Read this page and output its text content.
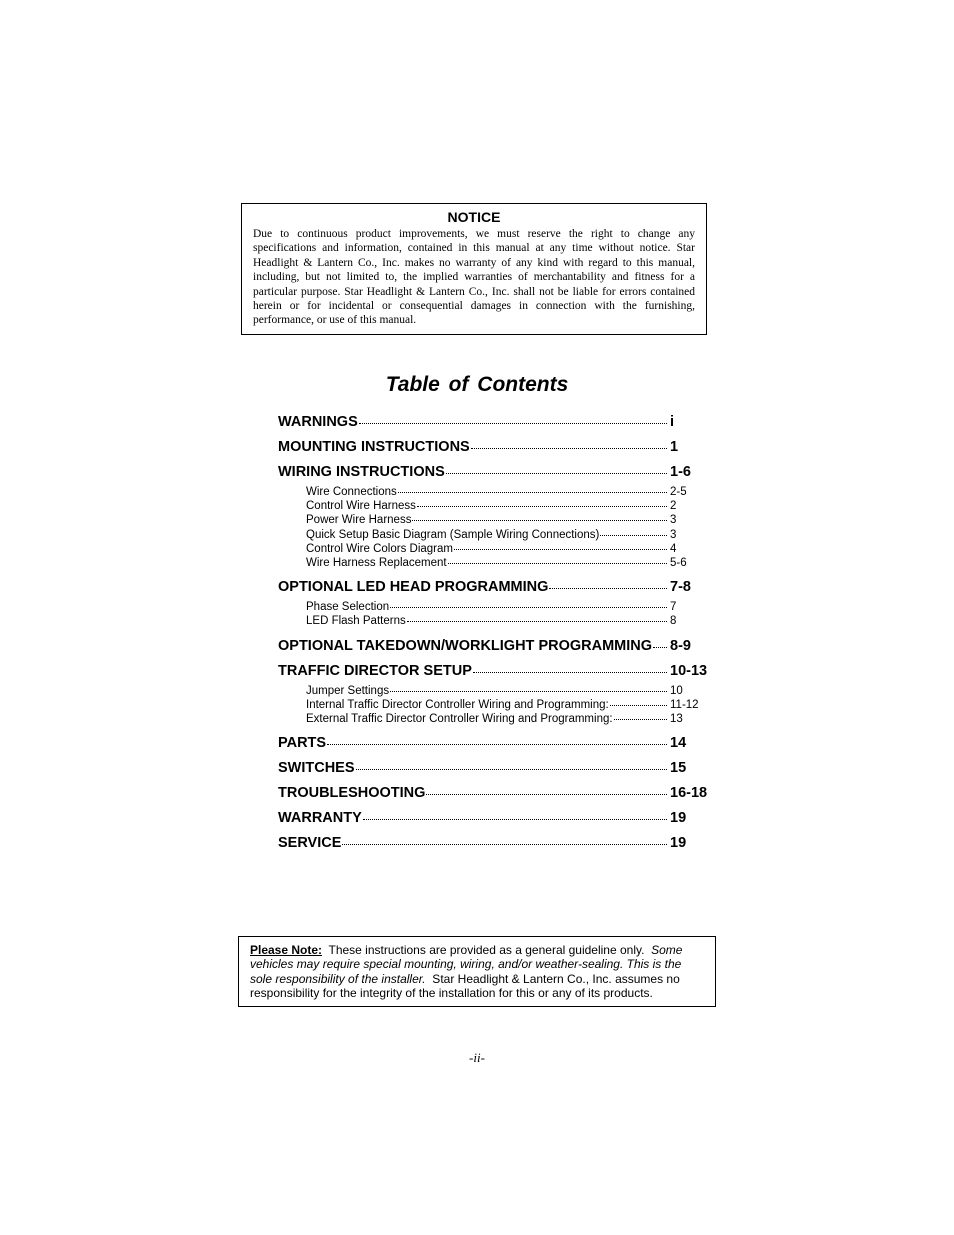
NOTICE

Due to continuous product improvements, we must reserve the right to change any specifications and information, contained in this manual at any time without notice. Star Headlight & Lantern Co., Inc. makes no warranty of any kind with regard to this manual, including, but not limited to, the implied warranties of merchantability and fitness for a particular purpose. Star Headlight & Lantern Co., Inc. shall not be liable for errors contained herein or for incidental or consequential damages in connection with the furnishing, performance, or use of this manual.

Table of Contents
WARNINGS	i
MOUNTING INSTRUCTIONS	1
WIRING INSTRUCTIONS	1-6
Wire Connections	2-5
Control Wire Harness	2
Power Wire Harness	3
Quick Setup Basic Diagram (Sample Wiring Connections)	3
Control Wire Colors Diagram	4
Wire Harness Replacement	5-6
OPTIONAL LED HEAD PROGRAMMING	7-8
Phase Selection	7
LED Flash Patterns	8
OPTIONAL TAKEDOWN/WORKLIGHT PROGRAMMING 8-9
TRAFFIC DIRECTOR SETUP	10-13
Jumper Settings	10
Internal Traffic Director Controller Wiring and Programming:	11-12
External Traffic Director Controller Wiring and Programming:	13
PARTS	14
SWITCHES	15
TROUBLESHOOTING	16-18
WARRANTY	19
SERVICE	19
Please Note:  These instructions are provided as a general guideline only.  Some vehicles may require special mounting, wiring, and/or weather-sealing. This is the sole responsibility of the installer.  Star Headlight & Lantern Co., Inc. assumes no responsibility for the integrity of the installation for this or any of its products.
-ii-
